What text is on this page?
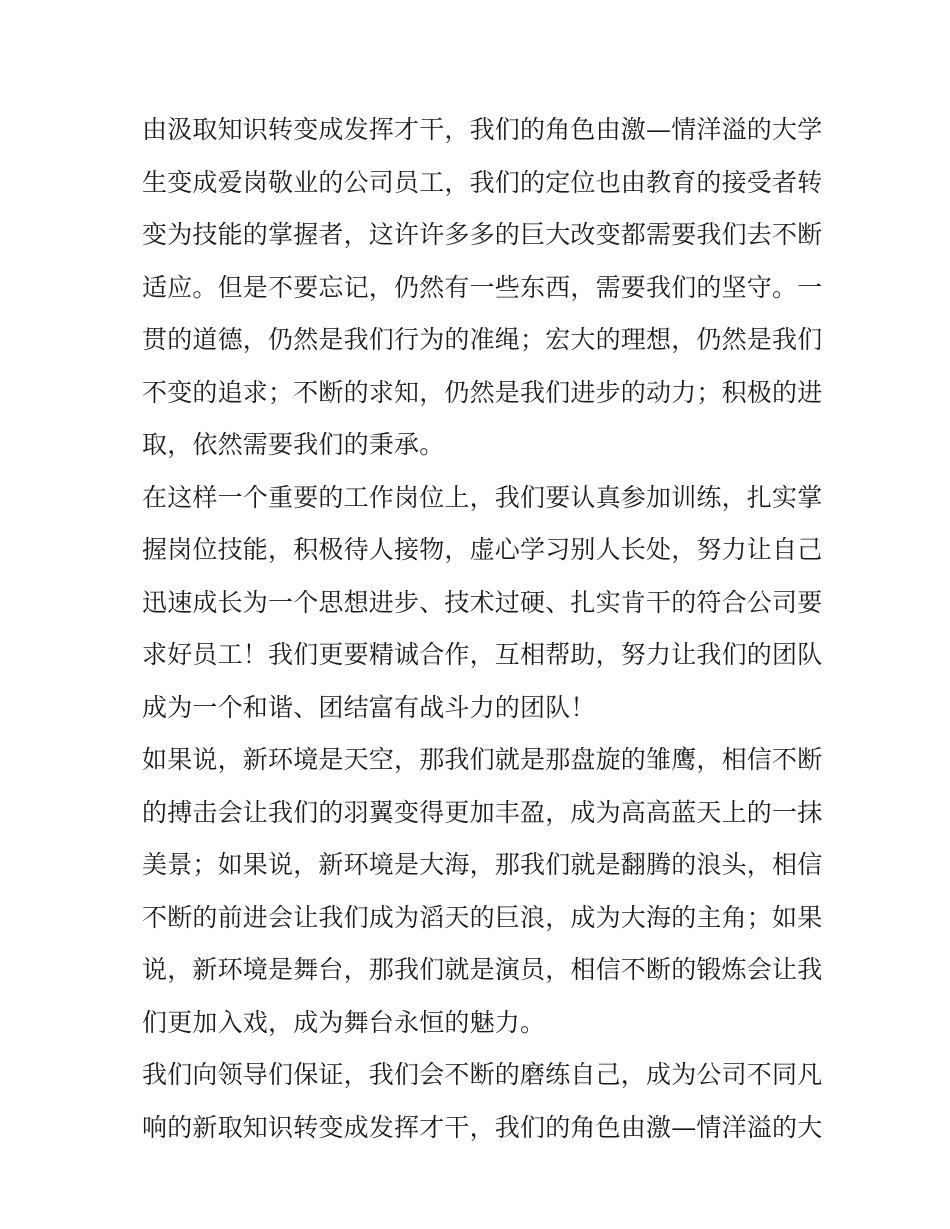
由汲取知识转变成发挥才干，我们的角色由激—情洋溢的大学
生变成爱岗敬业的公司员工，我们的定位也由教育的接受者转
变为技能的掌握者，这许许多多的巨大改变都需要我们去不断
适应。但是不要忘记，仍然有一些东西，需要我们的坚守。一
贯的道德，仍然是我们行为的准绳；宏大的理想，仍然是我们
不变的追求；不断的求知，仍然是我们进步的动力；积极的进
取，依然需要我们的秉承。
在这样一个重要的工作岗位上，我们要认真参加训练，扎实掌
握岗位技能，积极待人接物，虚心学习别人长处，努力让自己
迅速成长为一个思想进步、技术过硬、扎实肯干的符合公司要
求好员工！我们更要精诚合作，互相帮助，努力让我们的团队
成为一个和谐、团结富有战斗力的团队！
如果说，新环境是天空，那我们就是那盘旋的雏鹰，相信不断
的搏击会让我们的羽翼变得更加丰盈，成为高高蓝天上的一抹
美景；如果说，新环境是大海，那我们就是翻腾的浪头，相信
不断的前进会让我们成为滔天的巨浪，成为大海的主角；如果
说，新环境是舞台，那我们就是演员，相信不断的锻炼会让我
们更加入戏，成为舞台永恒的魅力。
我们向领导们保证，我们会不断的磨练自己，成为公司不同凡
响的新取知识转变成发挥才干，我们的角色由激—情洋溢的大
